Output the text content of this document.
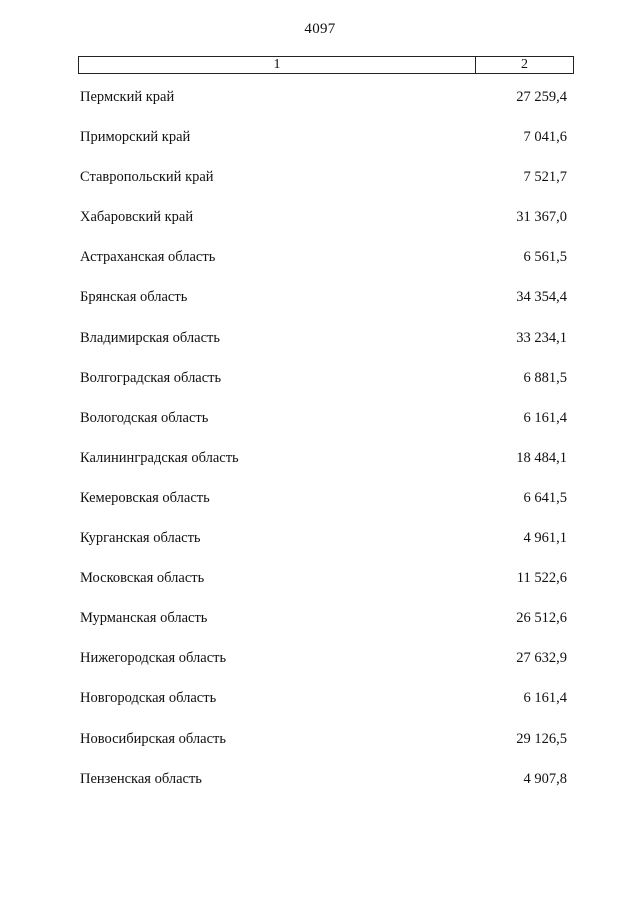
4097
1	2
Пермский край	27 259,4
Приморский край	7 041,6
Ставропольский край	7 521,7
Хабаровский край	31 367,0
Астраханская область	6 561,5
Брянская область	34 354,4
Владимирская область	33 234,1
Волгоградская область	6 881,5
Вологодская область	6 161,4
Калининградская область	18 484,1
Кемеровская область	6 641,5
Курганская область	4 961,1
Московская область	11 522,6
Мурманская область	26 512,6
Нижегородская область	27 632,9
Новгородская область	6 161,4
Новосибирская область	29 126,5
Пензенская область	4 907,8
